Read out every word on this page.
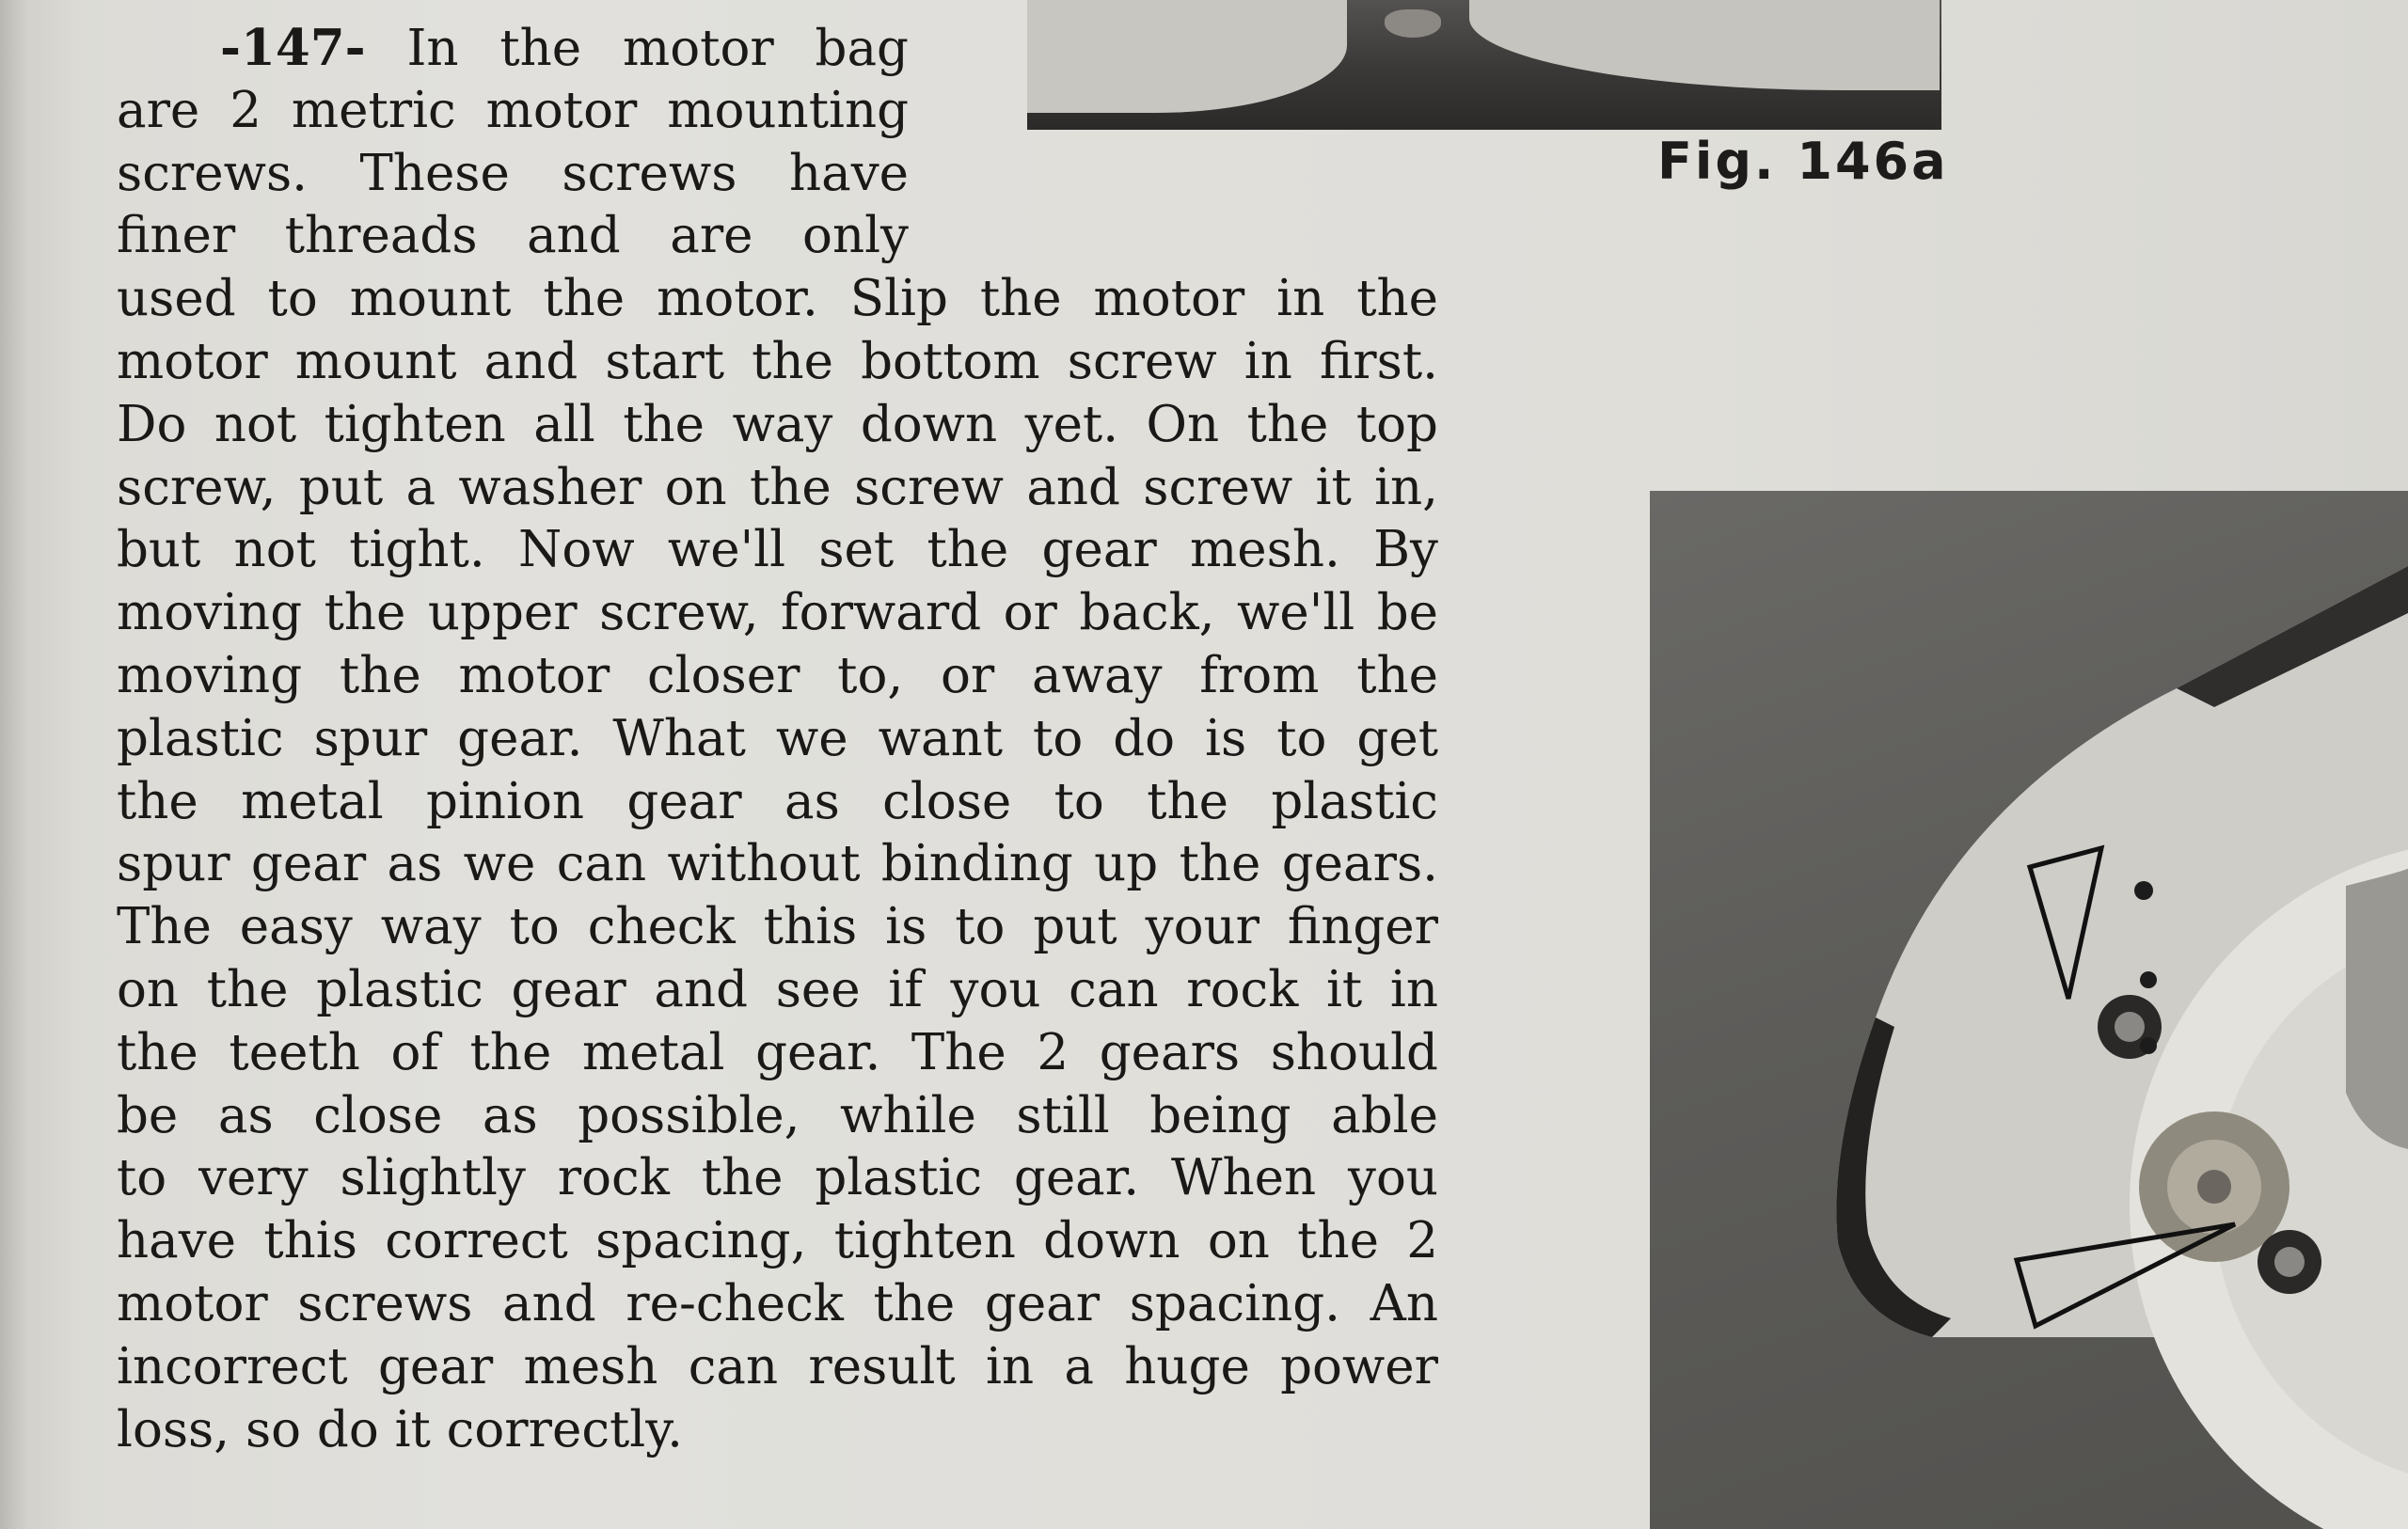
Fig. 146a
-147- In the motor bag
are 2 metric motor mounting
screws. These screws have
finer threads and are only
used to mount the motor. Slip the motor in the
motor mount and start the bottom screw in first.
Do not tighten all the way down yet. On the top
screw, put a washer on the screw and screw it in,
but not tight. Now we'll set the gear mesh. By
moving the upper screw, forward or back, we'll be
moving the motor closer to, or away from the
plastic spur gear. What we want to do is to get
the metal pinion gear as close to the plastic
spur gear as we can without binding up the gears.
The easy way to check this is to put your finger
on the plastic gear and see if you can rock it in
the teeth of the metal gear. The 2 gears should
be as close as possible, while still being able
to very slightly rock the plastic gear. When you
have this correct spacing, tighten down on the 2
motor screws and re-check the gear spacing. An
incorrect gear mesh can result in a huge power
loss, so do it correctly.
